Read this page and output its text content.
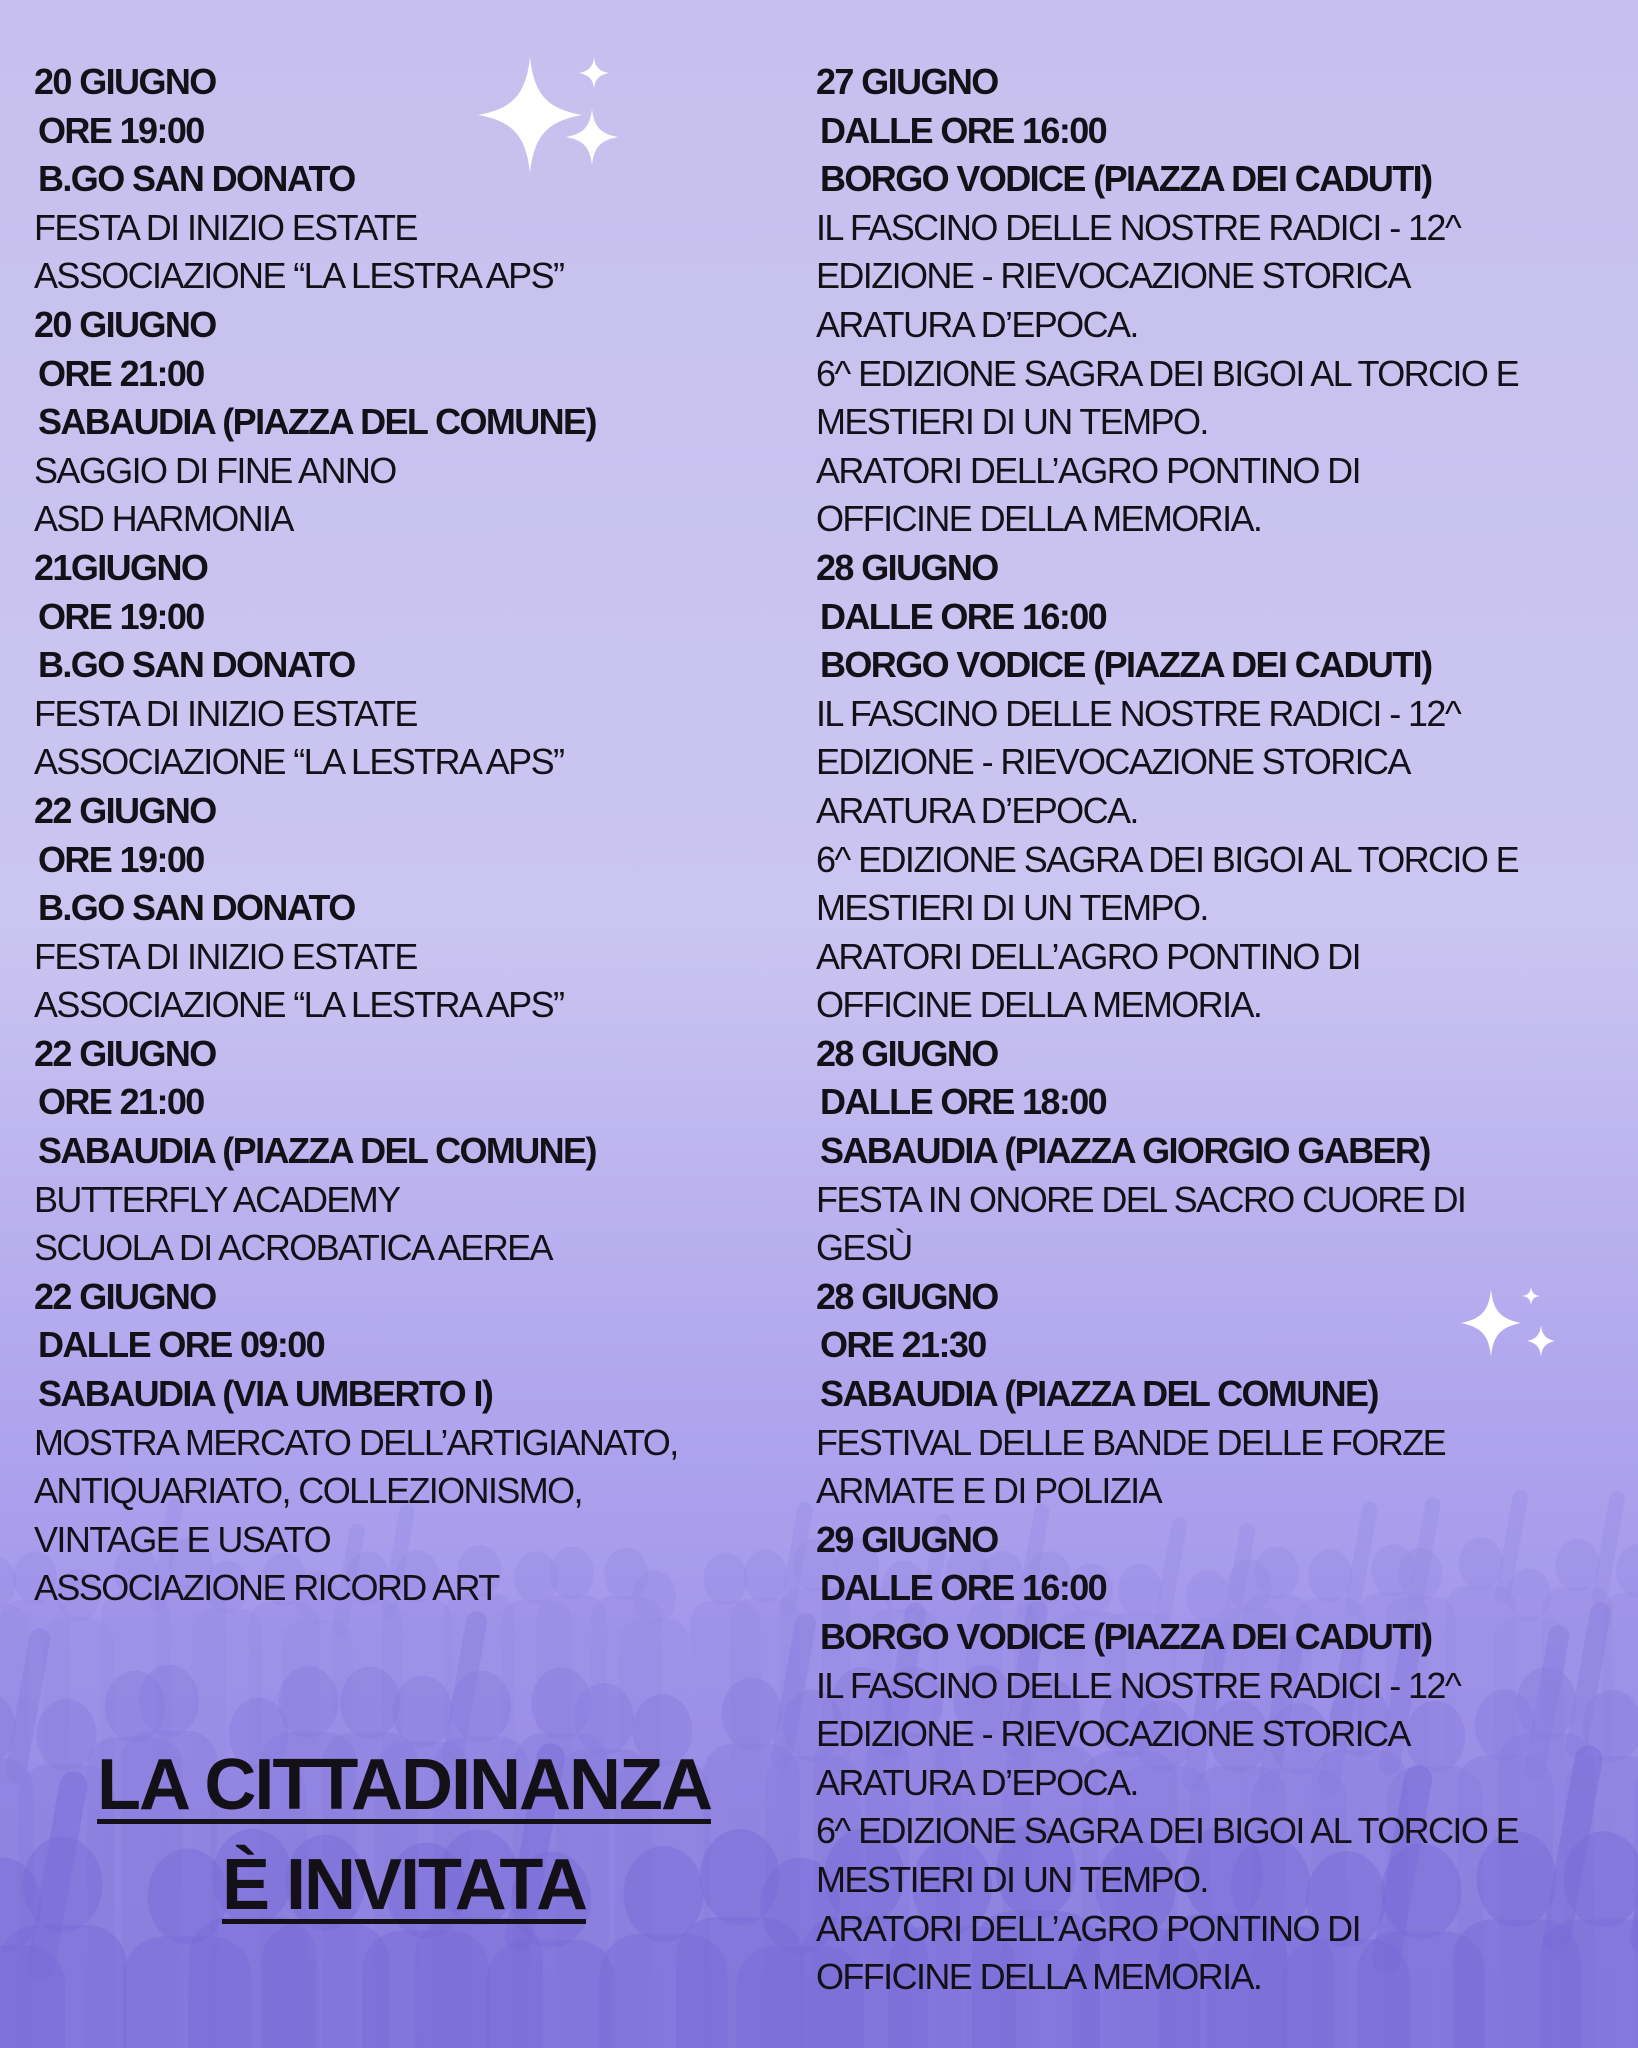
20 GIUGNO
ORE 19:00
B.GO SAN DONATO
FESTA DI INIZIO ESTATE
ASSOCIAZIONE “LA LESTRA APS”
20 GIUGNO
ORE 21:00
SABAUDIA (PIAZZA DEL COMUNE)
SAGGIO DI FINE ANNO
ASD HARMONIA
21GIUGNO
ORE 19:00
B.GO SAN DONATO
FESTA DI INIZIO ESTATE
ASSOCIAZIONE “LA LESTRA APS”
22 GIUGNO
ORE 19:00
B.GO SAN DONATO
FESTA DI INIZIO ESTATE
ASSOCIAZIONE “LA LESTRA APS”
22 GIUGNO
ORE 21:00
SABAUDIA (PIAZZA DEL COMUNE)
BUTTERFLY ACADEMY
SCUOLA DI ACROBATICA AEREA
22 GIUGNO
DALLE ORE 09:00
SABAUDIA (VIA UMBERTO I)
MOSTRA MERCATO DELL’ARTIGIANATO,
ANTIQUARIATO, COLLEZIONISMO,
VINTAGE E USATO
ASSOCIAZIONE RICORD ART
27 GIUGNO
DALLE ORE 16:00
BORGO VODICE (PIAZZA DEI CADUTI)
IL FASCINO DELLE NOSTRE RADICI - 12^
EDIZIONE - RIEVOCAZIONE STORICA
ARATURA D’EPOCA.
6^ EDIZIONE SAGRA DEI BIGOI AL TORCIO E
MESTIERI DI UN TEMPO.
ARATORI DELL’AGRO PONTINO DI
OFFICINE DELLA MEMORIA.
28 GIUGNO
DALLE ORE 16:00
BORGO VODICE (PIAZZA DEI CADUTI)
IL FASCINO DELLE NOSTRE RADICI - 12^
EDIZIONE - RIEVOCAZIONE STORICA
ARATURA D’EPOCA.
6^ EDIZIONE SAGRA DEI BIGOI AL TORCIO E
MESTIERI DI UN TEMPO.
ARATORI DELL’AGRO PONTINO DI
OFFICINE DELLA MEMORIA.
28 GIUGNO
DALLE ORE 18:00
SABAUDIA (PIAZZA GIORGIO GABER)
FESTA IN ONORE DEL SACRO CUORE DI
GESÙ
28 GIUGNO
ORE 21:30
SABAUDIA (PIAZZA DEL COMUNE)
FESTIVAL DELLE BANDE DELLE FORZE
ARMATE E DI POLIZIA
29 GIUGNO
DALLE ORE 16:00
BORGO VODICE (PIAZZA DEI CADUTI)
IL FASCINO DELLE NOSTRE RADICI - 12^
EDIZIONE - RIEVOCAZIONE STORICA
ARATURA D’EPOCA.
6^ EDIZIONE SAGRA DEI BIGOI AL TORCIO E
MESTIERI DI UN TEMPO.
ARATORI DELL’AGRO PONTINO DI
OFFICINE DELLA MEMORIA.
LA CITTADINANZA
È INVITATA
